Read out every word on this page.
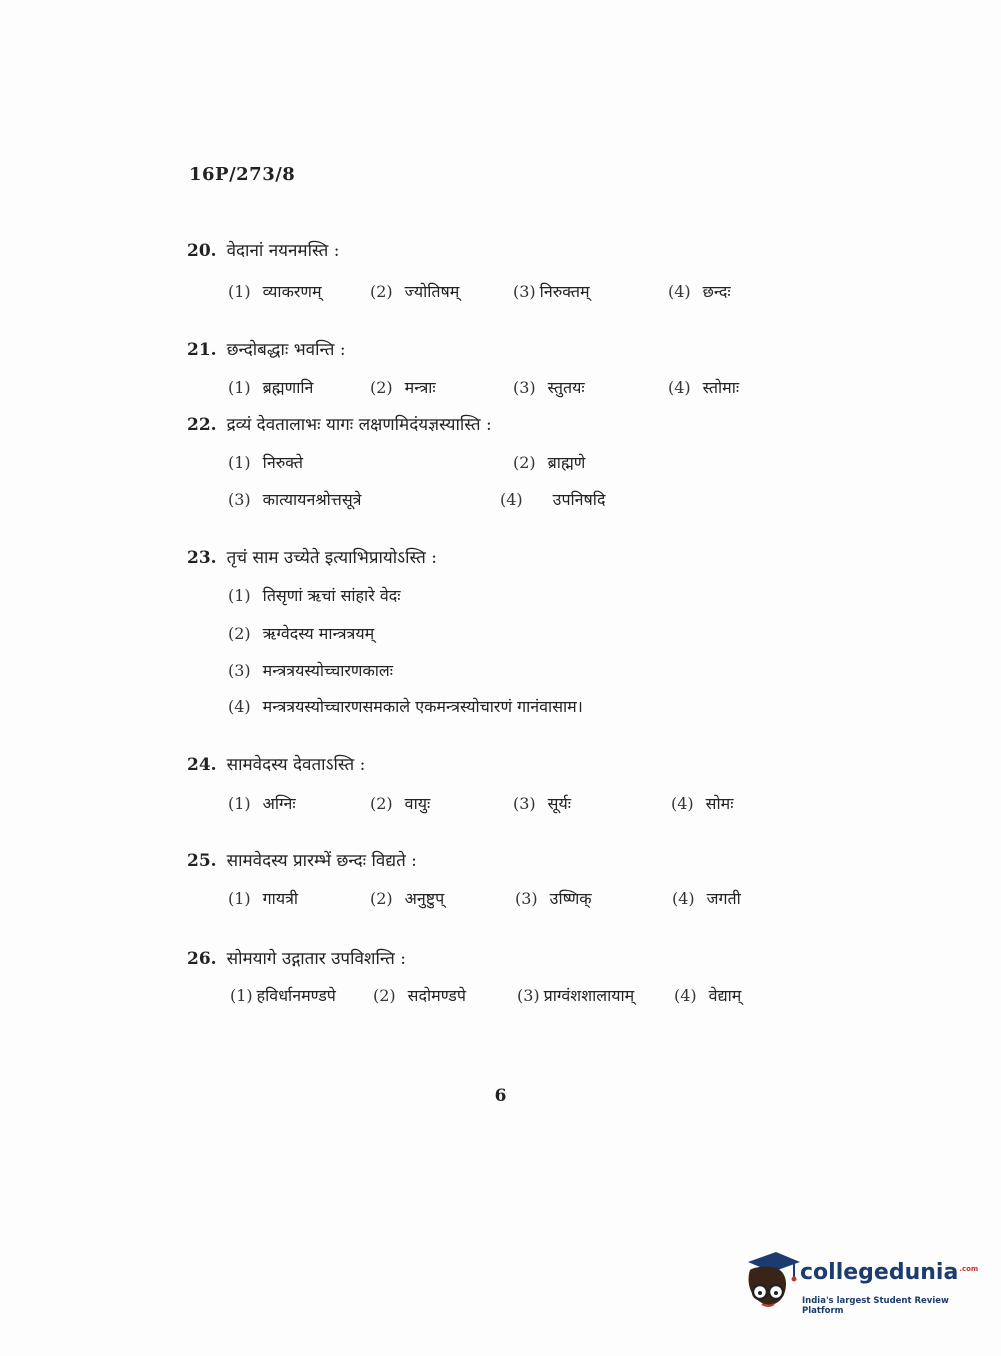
16P/273/8
20. वेदानां नयनमस्ति :
(1) व्याकरणम्	(2) ज्योतिषम्	(3) निरुक्तम्	(4) छन्दः
21. छन्दोबद्धाः भवन्ति :
(1) ब्रह्मणानि	(2) मन्त्राः	(3) स्तुतयः	(4) स्तोमाः
22. द्रव्यं देवतालाभः यागः लक्षणमिदंयज्ञस्यास्ति :
(1) निरुक्ते	(2) ब्राह्मणे
(3) कात्यायनश्रोत्तसूत्रे	(4) उपनिषदि
23. तृचं साम उच्येते इत्याभिप्रायोऽस्ति :
(1) तिसृणां ऋचां सांहारे वेदः
(2) ऋग्वेदस्य मान्त्रत्रयम्
(3) मन्त्रत्रयस्योच्चारणकालः
(4) मन्त्रत्रयस्योच्चारणसमकाले एकमन्त्रस्योचारणं गानंवासाम।
24. सामवेदस्य देवताऽस्ति :
(1) अग्निः	(2) वायुः	(3) सूर्यः	(4) सोमः
25. सामवेदस्य प्रारम्भें छन्दः विद्यते :
(1) गायत्री	(2) अनुष्टुप्	(3) उष्णिक्	(4) जगती
26. सोमयागे उद्गातार उपविशन्ति :
(1) हविर्धानमण्डपे (2) सदोमण्डपे	(3) प्राग्वंशशालायाम् (4) वेद्याम्
6
collegedunia$^{.com}$
India's largest Student Review Platform
